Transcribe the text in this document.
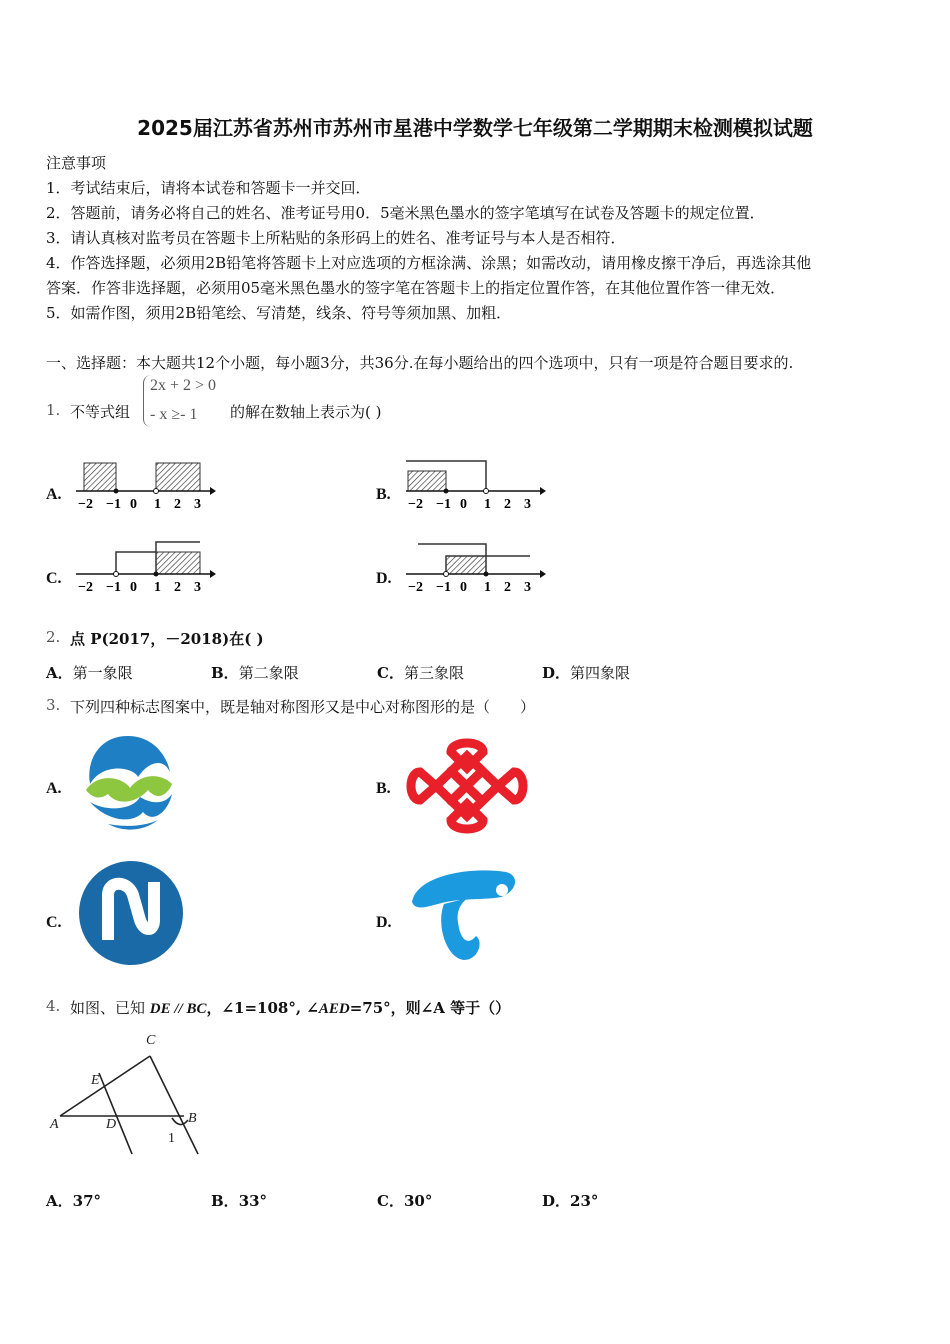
2025届江苏省苏州市苏州市星港中学数学七年级第二学期期末检测模拟试题
注意事项
1．考试结束后，请将本试卷和答题卡一并交回．
2．答题前，请务必将自己的姓名、准考证号用0．5毫米黑色墨水的签字笔填写在试卷及答题卡的规定位置．
3．请认真核对监考员在答题卡上所粘贴的条形码上的姓名、准考证号与本人是否相符．
4．作答选择题，必须用2B铅笔将答题卡上对应选项的方框涂满、涂黑；如需改动，请用橡皮擦干净后，再选涂其他
答案．作答非选择题，必须用05毫米黑色墨水的签字笔在答题卡上的指定位置作答，在其他位置作答一律无效．
5．如需作图，须用2B铅笔绘、写清楚，线条、符号等须加黑、加粗．
一、选择题：本大题共12个小题，每小题3分，共36分.在每小题给出的四个选项中，只有一项是符合题目要求的.
1. 不等式组
2x + 2 > 0
- x ≥- 1 的解在数轴上表示为( )
A.	B.
C.	D.
−2 −1 0 1 2 3	−2 −1 0 1 2 3
−2 −1 0 1 2 3	−2 −1 0 1 2 3
2. 点 P(2017，－2018)在( )
A．第一象限	B．第二象限	C．第三象限	D．第四象限
3. 下列四种标志图案中，既是轴对称图形又是中心对称图形的是（　　）
A.	B.
C.	D.
4. 如图、已知 DE // BC，∠1=108°, ∠AED=75°，则∠A 等于（）
C
E
A	D	B
1
A．37°	B．33°	C．30°	D．23°
